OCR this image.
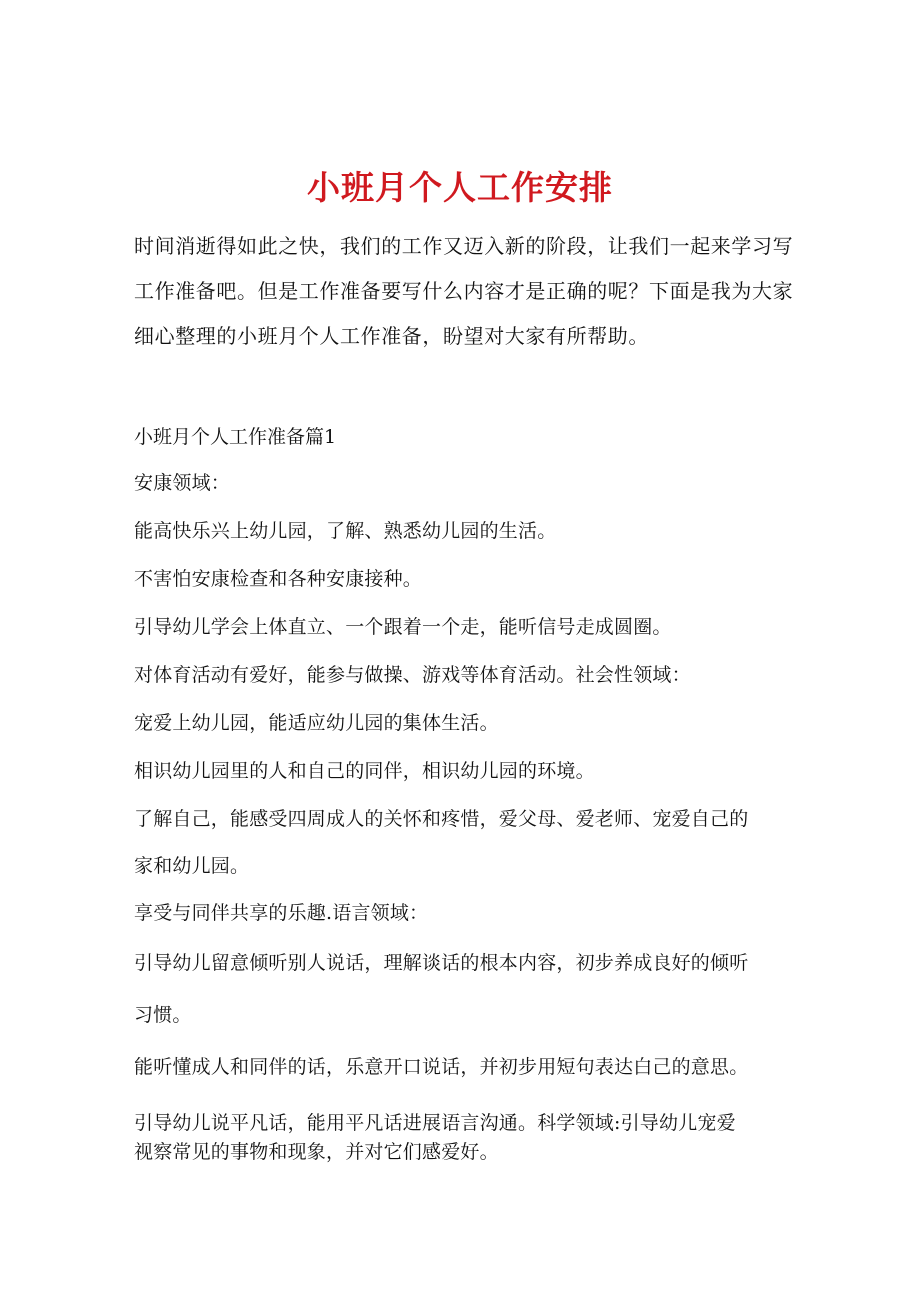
小班月个人工作安排

时间消逝得如此之快，我们的工作又迈入新的阶段，让我们一起来学习写

工作准备吧。但是工作准备要写什么内容才是正确的呢？下面是我为大家

细心整理的小班月个人工作准备，盼望对大家有所帮助。

小班月个人工作准备篇1

安康领域：

能高快乐兴上幼儿园，了解、熟悉幼儿园的生活。

不害怕安康检查和各种安康接种。

引导幼儿学会上体直立、一个跟着一个走，能听信号走成圆圈。

对体育活动有爱好，能参与做操、游戏等体育活动。社会性领域：

宠爱上幼儿园，能适应幼儿园的集体生活。

相识幼儿园里的人和自己的同伴，相识幼儿园的环境。

了解自己，能感受四周成人的关怀和疼惜，爱父母、爱老师、宠爱自己的

家和幼儿园。

享受与同伴共享的乐趣.语言领域：

引导幼儿留意倾听别人说话，理解谈话的根本内容，初步养成良好的倾听

习惯。

能听懂成人和同伴的话，乐意开口说话，并初步用短句表达白己的意思。

引导幼儿说平凡话，能用平凡话进展语言沟通。科学领域:引导幼儿宠爱

视察常见的事物和现象，并对它们感爱好。
